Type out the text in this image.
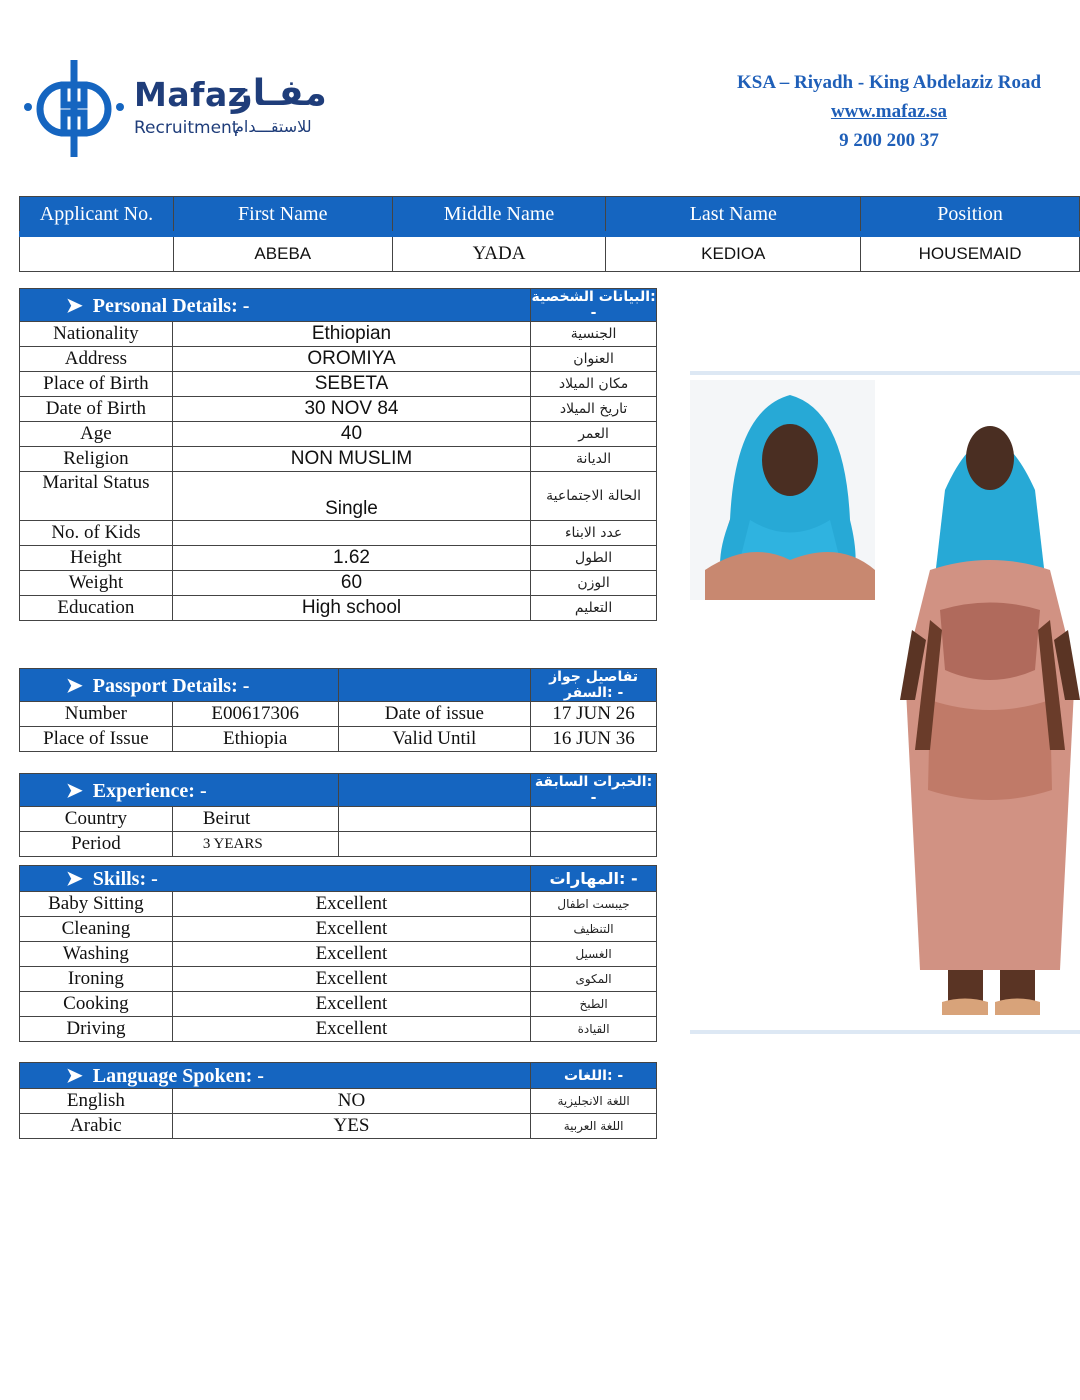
Mafaz
مفـاز
Recruitment
للاستقـــدام
KSA – Riyadh - King Abdelaziz Road
www.mafaz.sa
9 200 200 37
Applicant No.	First Name	Middle Name	Last Name	Position
	ABEBA	YADA	KEDIOA	HOUSEMAID
➤  Personal Details: -		البيانات الشخصية: -
Nationality	Ethiopian	الجنسية
Address	OROMIYA	العنوان
Place of Birth	SEBETA	مكان الميلاد
Date of Birth	30 NOV 84	تاريخ الميلاد
Age	40	العمر
Religion	NON MUSLIM	الديانة
Marital Status	Single	الحالة الاجتماعية
No. of Kids		عدد الابناء
Height	1.62	الطول
Weight	60	الوزن
Education	High school	التعليم
➤  Passport Details: -			تفاصيل جواز السفر: -
Number	E00617306	Date of issue	17 JUN 26
Place of Issue	Ethiopia	Valid Until	16 JUN 36
➤  Experience: -			الخبرات السابقة: -
Country	Beirut		
Period	3 YEARS		
➤  Skills: -		المهارات: -
Baby Sitting	Excellent	جيبست اطفال
Cleaning	Excellent	التنظيف
Washing	Excellent	الغسيل
Ironing	Excellent	المكوى
Cooking	Excellent	الطبخ
Driving	Excellent	القيادة
➤  Language Spoken: -		اللغات: -
English	NO	اللغة الانجليزية
Arabic	YES	اللغة العربية
